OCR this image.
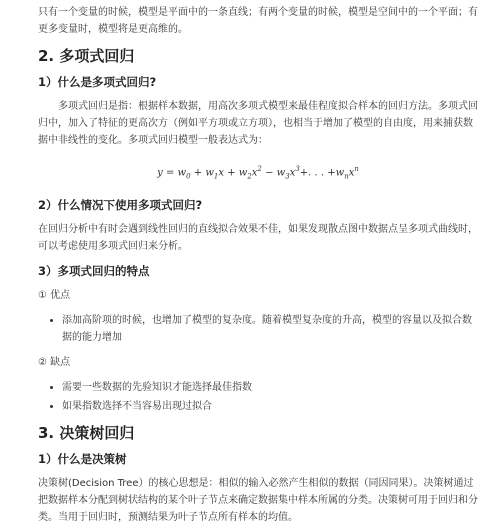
只有一个变量的时候，模型是平面中的一条直线；有两个变量的时候，模型是空间中的一个平面；有更多变量时，模型将是更高维的。

2. 多项式回归
1）什么是多项式回归?

多项式回归是指：根据样本数据，用高次多项式模型来最佳程度拟合样本的回归方法。多项式回归中，加入了特征的更高次方（例如平方项或立方项），也相当于增加了模型的自由度，用来捕获数据中非线性的变化。多项式回归模型一般表达式为：

$y = w_0 + w_1x + w_2x^2 - w_3x^3+$. . . $+w_nx^n$
2）什么情况下使用多项式回归?

在回归分析中有时会遇到线性回归的直线拟合效果不佳，如果发现散点图中数据点呈多项式曲线时，可以考虑使用多项式回归来分析。

3）多项式回归的特点

① 优点

• 添加高阶项的时候，也增加了模型的复杂度。随着模型复杂度的升高，模型的容量以及拟合数据的能力增加

② 缺点

• 需要一些数据的先验知识才能选择最佳指数
• 如果指数选择不当容易出现过拟合
3. 决策树回归
1）什么是决策树

决策树(Decision Tree）的核心思想是：相似的输入必然产生相似的数据（同因同果）。决策树通过把数据样本分配到树状结构的某个叶子节点来确定数据集中样本所属的分类。决策树可用于回归和分类。当用于回归时，预测结果为叶子节点所有样本的均值。
